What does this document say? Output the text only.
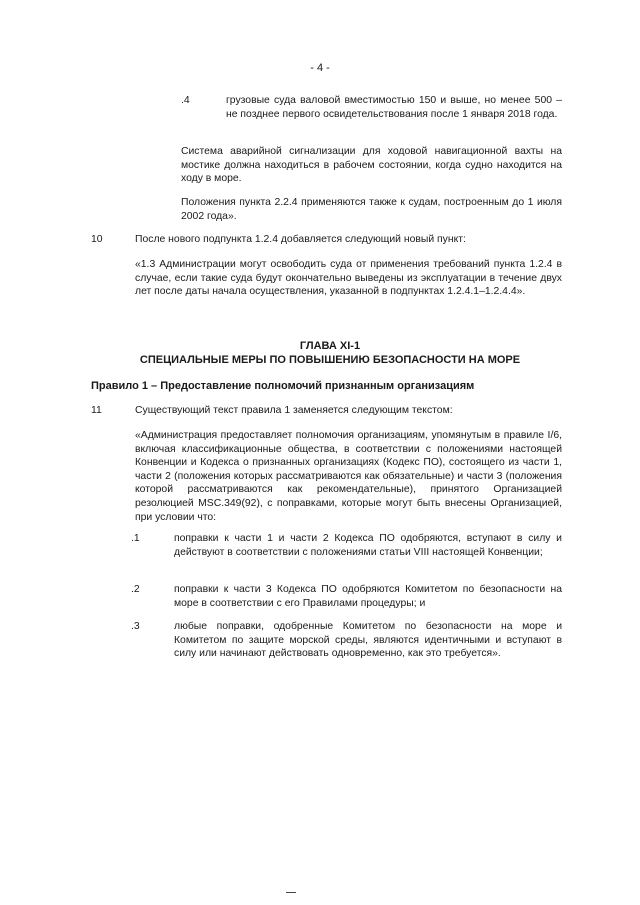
- 4 -
.4	грузовые суда валовой вместимостью 150 и выше, но менее 500 – не позднее первого освидетельствования после 1 января 2018 года.
Система аварийной сигнализации для ходовой навигационной вахты на мостике должна находиться в рабочем состоянии, когда судно находится на ходу в море.
Положения пункта 2.2.4 применяются также к судам, построенным до 1 июля 2002 года».
10	После нового подпункта 1.2.4 добавляется следующий новый пункт:
«1.3 Администрации могут освободить суда от применения требований пункта 1.2.4 в случае, если такие суда будут окончательно выведены из эксплуатации в течение двух лет после даты начала осуществления, указанной в подпунктах 1.2.4.1–1.2.4.4».
ГЛАВА XI-1
СПЕЦИАЛЬНЫЕ МЕРЫ ПО ПОВЫШЕНИЮ БЕЗОПАСНОСТИ НА МОРЕ
Правило 1 – Предоставление полномочий признанным организациям
11	Существующий текст правила 1 заменяется следующим текстом:
«Администрация предоставляет полномочия организациям, упомянутым в правиле I/6, включая классификационные общества, в соответствии с положениями настоящей Конвенции и Кодекса о признанных организациях (Кодекс ПО), состоящего из части 1, части 2 (положения которых рассматриваются как обязательные) и части 3 (положения которой рассматриваются как рекомендательные), принятого Организацией резолюцией MSC.349(92), с поправками, которые могут быть внесены Организацией, при условии что:
.1	поправки к части 1 и части 2 Кодекса ПО одобряются, вступают в силу и действуют в соответствии с положениями статьи VIII настоящей Конвенции;
.2	поправки к части 3 Кодекса ПО одобряются Комитетом по безопасности на море в соответствии с его Правилами процедуры; и
.3	любые поправки, одобренные Комитетом по безопасности на море и Комитетом по защите морской среды, являются идентичными и вступают в силу или начинают действовать одновременно, как это требуется».
